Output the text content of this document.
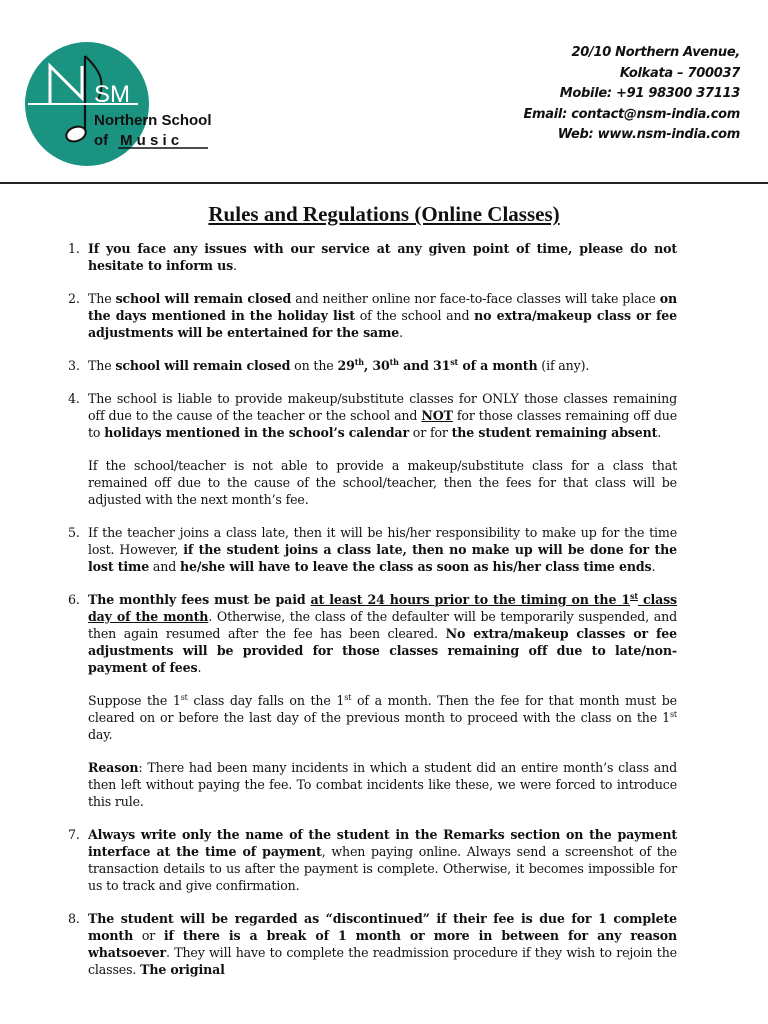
SM
Northern School
of M u s i c
20/10 Northern Avenue,
Kolkata – 700037
Mobile: +91 98300 37113
Email: contact@nsm-india.com
Web: www.nsm-india.com
Rules and Regulations (Online Classes)
1. If you face any issues with our service at any given point of time, please do not hesitate to inform us.

2. The school will remain closed and neither online nor face-to-face classes will take place on the days mentioned in the holiday list of the school and no extra/makeup class or fee adjustments will be entertained for the same.

3. The school will remain closed on the 29th, 30th and 31st of a month (if any).

4. The school is liable to provide makeup/substitute classes for ONLY those classes remaining off due to the cause of the teacher or the school and NOT for those classes remaining off due to holidays mentioned in the school’s calendar or for the student remaining absent.

If the school/teacher is not able to provide a makeup/substitute class for a class that remained off due to the cause of the school/teacher, then the fees for that class will be adjusted with the next month’s fee.

5. If the teacher joins a class late, then it will be his/her responsibility to make up for the time lost. However, if the student joins a class late, then no make up will be done for the lost time and he/she will have to leave the class as soon as his/her class time ends.

6. The monthly fees must be paid at least 24 hours prior to the timing on the 1st class day of the month. Otherwise, the class of the defaulter will be temporarily suspended, and then again resumed after the fee has been cleared. No extra/makeup classes or fee adjustments will be provided for those classes remaining off due to late/non-payment of fees.

Suppose the 1st class day falls on the 1st of a month. Then the fee for that month must be cleared on or before the last day of the previous month to proceed with the class on the 1st day.

Reason: There had been many incidents in which a student did an entire month’s class and then left without paying the fee. To combat incidents like these, we were forced to introduce this rule.

7. Always write only the name of the student in the Remarks section on the payment interface at the time of payment, when paying online. Always send a screenshot of the transaction details to us after the payment is complete. Otherwise, it becomes impossible for us to track and give confirmation.

8. The student will be regarded as “discontinued” if their fee is due for 1 complete month or if there is a break of 1 month or more in between for any reason whatsoever. They will have to complete the readmission procedure if they wish to rejoin the classes. The original
